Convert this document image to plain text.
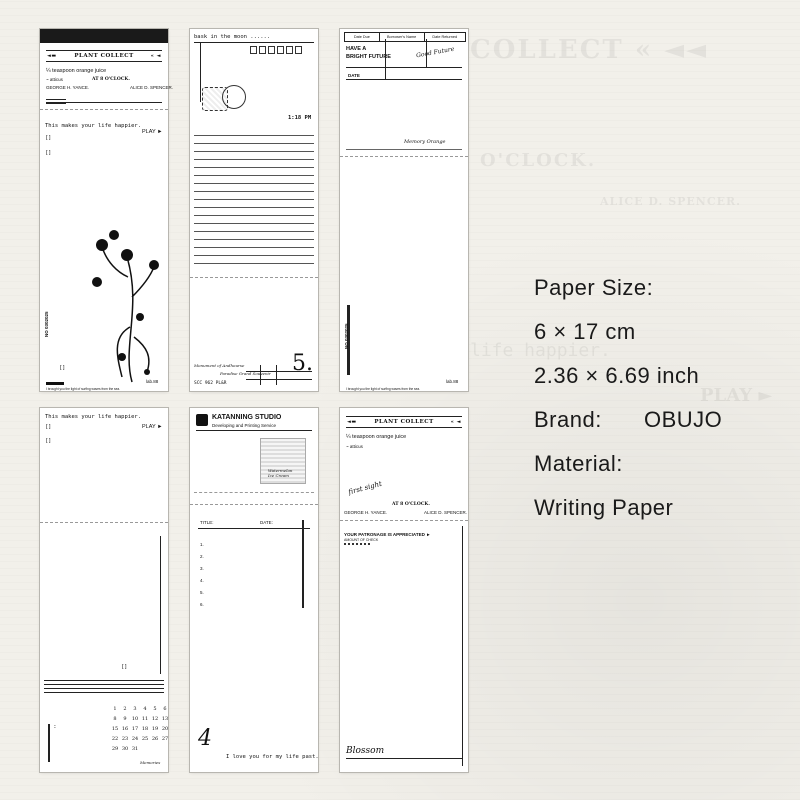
COLLECT « ◄◄
O'CLOCK.
ALICE D. SPENCER.
life happier.
PLAY ►
◄▬	PLANT COLLECT	« ◄
¼ teaspoon orange juice
~ atticus	AT 8 O'CLOCK.
GEORGE H. YANCE.	ALICE D. SPENCER.
This makes your life happier.
PLAY ►
[ ]
[ ]
NO 0302025
[ ]
lab.88
I brought you the light of surfing waves from the sea.
bask in the moon ......
1:18 PM
Monument of Andhourse
Paradise Grand Souvenir
SCC 962 PL&R
5.
Date Due	Borrower's Name	Date Returned
HAVE A
BRIGHT FUTURE	Good Future
DATE
Memory Orange
NO 0302025
lab.88
I brought you the light of surfing waves from the sea.
This makes your life happier.
PLAY ►
[ ]
[ ]
[ ]
:
1	2	3	4	5	6
8	9	10 11 12 13
15 16 17 18 19 20
22 23 24 25 26 27
29 30 31
Memories
KATANNING STUDIO
Developing and Printing Service
Watermelon Ice Cream
TITLE:	DATE:
1.
2.
3.
4.
5.
6.
4
I love you for my life past.
◄▬	PLANT COLLECT	« ◄
¼ teaspoon orange juice
~ atticus
first sight
AT 8 O'CLOCK.
GEORGE H. YANCE.	ALICE D. SPENCER.
YOUR PATRONAGE IS APPRECIATED ►
AMOUNT OF CHECK
Blossom
Paper Size:
6 × 17 cm
2.36 × 6.69 inch
Brand: OBUJO
Material:
Writing Paper
